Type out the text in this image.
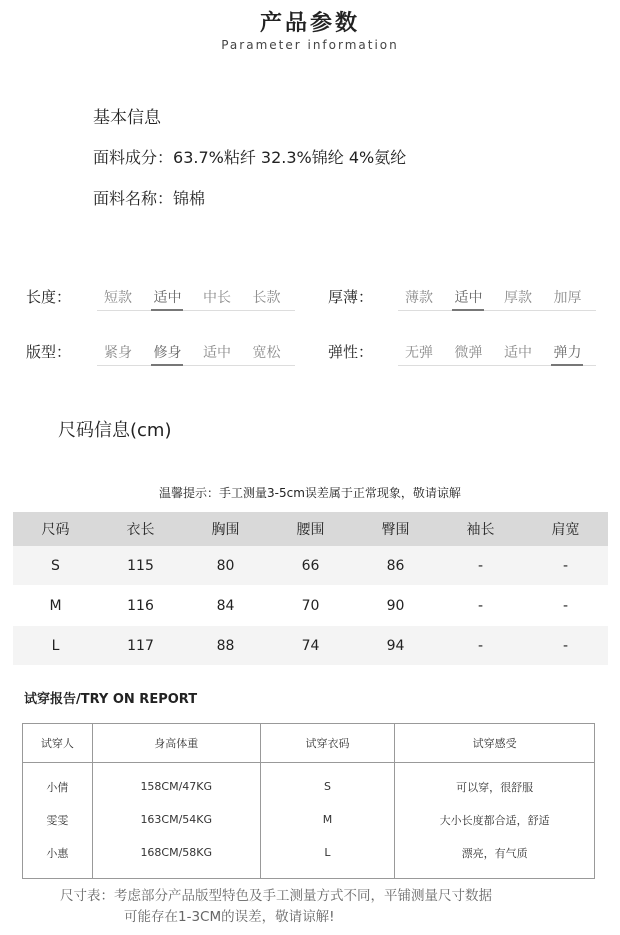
产品参数
Parameter information
基本信息
面料成分：63.7%粘纤 32.3%锦纶 4%氨纶
面料名称：锦棉
长度：	短款	适中	中长	长款	厚薄：	薄款	适中	厚款	加厚
版型：	紧身	修身	适中	宽松	弹性：	无弹	微弹	适中	弹力
尺码信息(cm)
温馨提示：手工测量3-5cm误差属于正常现象，敬请谅解
尺码	衣长	胸围	腰围	臀围	袖长	肩宽
S	115	80	66	86	-	-
M	116	84	70	90	-	-
L	117	88	74	94	-	-
试穿报告/TRY ON REPORT
试穿人	身高体重	试穿衣码	试穿感受
小倩	158CM/47KG	S	可以穿，很舒服
雯雯	163CM/54KG	M	大小长度都合适，舒适
小惠	168CM/58KG	L	漂亮，有气质
尺寸表：考虑部分产品版型特色及手工测量方式不同，平铺测量尺寸数据
可能存在1-3CM的误差，敬请谅解!
